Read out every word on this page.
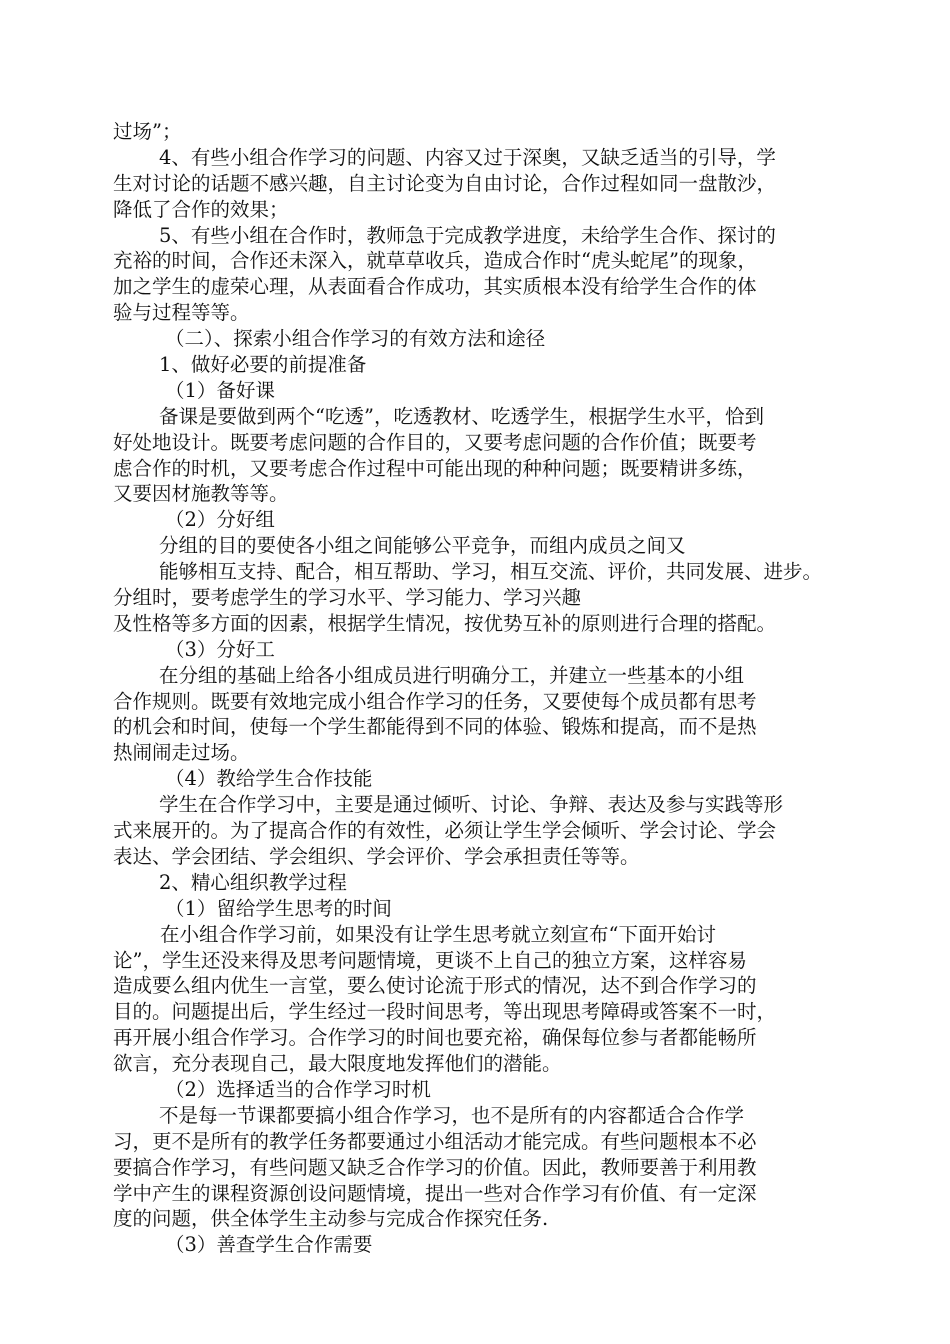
过场”；
4、有些小组合作学习的问题、内容又过于深奥，又缺乏适当的引导，学
生对讨论的话题不感兴趣，自主讨论变为自由讨论，合作过程如同一盘散沙，
降低了合作的效果；
5、有些小组在合作时，教师急于完成教学进度，未给学生合作、探讨的
充裕的时间，合作还未深入，就草草收兵，造成合作时“虎头蛇尾”的现象，
加之学生的虚荣心理，从表面看合作成功，其实质根本没有给学生合作的体
验与过程等等。
（二）、探索小组合作学习的有效方法和途径
1、做好必要的前提准备
（1）备好课
备课是要做到两个“吃透”，吃透教材、吃透学生，根据学生水平，恰到
好处地设计。既要考虑问题的合作目的，又要考虑问题的合作价值；既要考
虑合作的时机，又要考虑合作过程中可能出现的种种问题；既要精讲多练，
又要因材施教等等。
（2）分好组
分组的目的要使各小组之间能够公平竞争，而组内成员之间又
能够相互支持、配合，相互帮助、学习，相互交流、评价，共同发展、进步。
分组时，要考虑学生的学习水平、学习能力、学习兴趣
及性格等多方面的因素，根据学生情况，按优势互补的原则进行合理的搭配。
（3）分好工
在分组的基础上给各小组成员进行明确分工，并建立一些基本的小组
合作规则。既要有效地完成小组合作学习的任务，又要使每个成员都有思考
的机会和时间，使每一个学生都能得到不同的体验、锻炼和提高，而不是热
热闹闹走过场。
（4）教给学生合作技能
学生在合作学习中，主要是通过倾听、讨论、争辩、表达及参与实践等形
式来展开的。为了提高合作的有效性，必须让学生学会倾听、学会讨论、学会
表达、学会团结、学会组织、学会评价、学会承担责任等等。
2、精心组织教学过程
（1）留给学生思考的时间
在小组合作学习前，如果没有让学生思考就立刻宣布“下面开始讨
论”，学生还没来得及思考问题情境，更谈不上自己的独立方案，这样容易
造成要么组内优生一言堂，要么使讨论流于形式的情况，达不到合作学习的
目的。问题提出后，学生经过一段时间思考，等出现思考障碍或答案不一时，
再开展小组合作学习。合作学习的时间也要充裕，确保每位参与者都能畅所
欲言，充分表现自己，最大限度地发挥他们的潜能。
（2）选择适当的合作学习时机
不是每一节课都要搞小组合作学习，也不是所有的内容都适合合作学
习，更不是所有的教学任务都要通过小组活动才能完成。有些问题根本不必
要搞合作学习，有些问题又缺乏合作学习的价值。因此，教师要善于利用教
学中产生的课程资源创设问题情境，提出一些对合作学习有价值、有一定深
度的问题，供全体学生主动参与完成合作探究任务.
（3）善查学生合作需要
